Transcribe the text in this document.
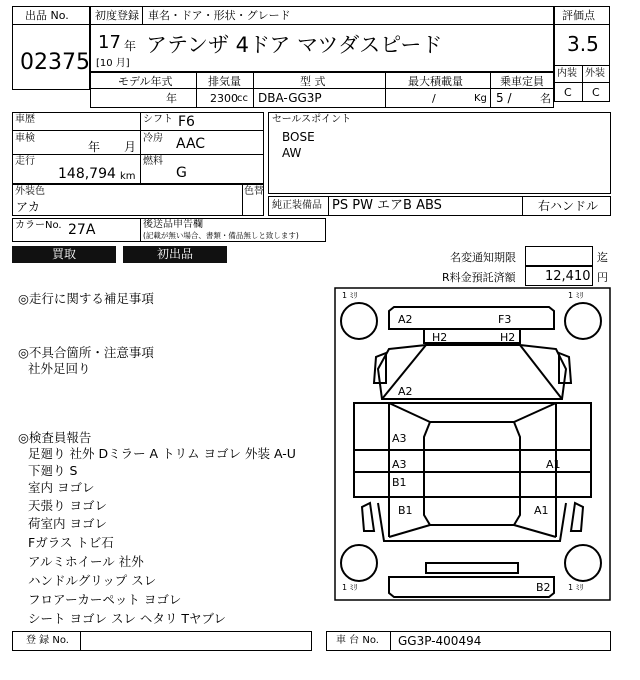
出品 No.
02375
初度登録 車名・ドア・形状・グレード
17 年
[10 月]
アテンザ 4ドア マツダスピード
評価点
3.5
内装 外装
C C
モデル年式	排気量	型 式	最大積載量	乗車定員
年	2300 cc DBA-GG3P	/	Kg 5 /	名
車歴
車検
年 月
走行
148,794 km
シフト F6
冷房 AAC
燃料
G
セールスポイント
BOSE
AW
外装色
アカ
色替
純正装備品 PS PW エアB ABS	右ハンドル
カラーNo. 27A	後送品申告欄
(記載が無い場合、書類・備品無しと致します)
買取	初出品	名変通知期限	迄
R料金預託済額 12,410 円
◎走行に関する補足事項
◎不具合箇所・注意事項
社外足回り
◎検査員報告
足廻り 社外 Dミラー A トリム ヨゴレ 外装 A-U
下廻り S
室内 ヨゴレ
天張り ヨゴレ
荷室内 ヨゴレ
Fガラス トビ石
アルミホイール 社外
ハンドルグリップ スレ
フロアーカーペット ヨゴレ
シート ヨゴレ スレ ヘタリ Tヤブレ
1 ﾐﾘ	1 ﾐﾘ
1 ﾐﾘ	1 ﾐﾘ
A2	F3
H2	H2
A2
A3
A3
B1
A1
B1	A1
B2
登 録 No.	車 台 No. GG3P-400494
